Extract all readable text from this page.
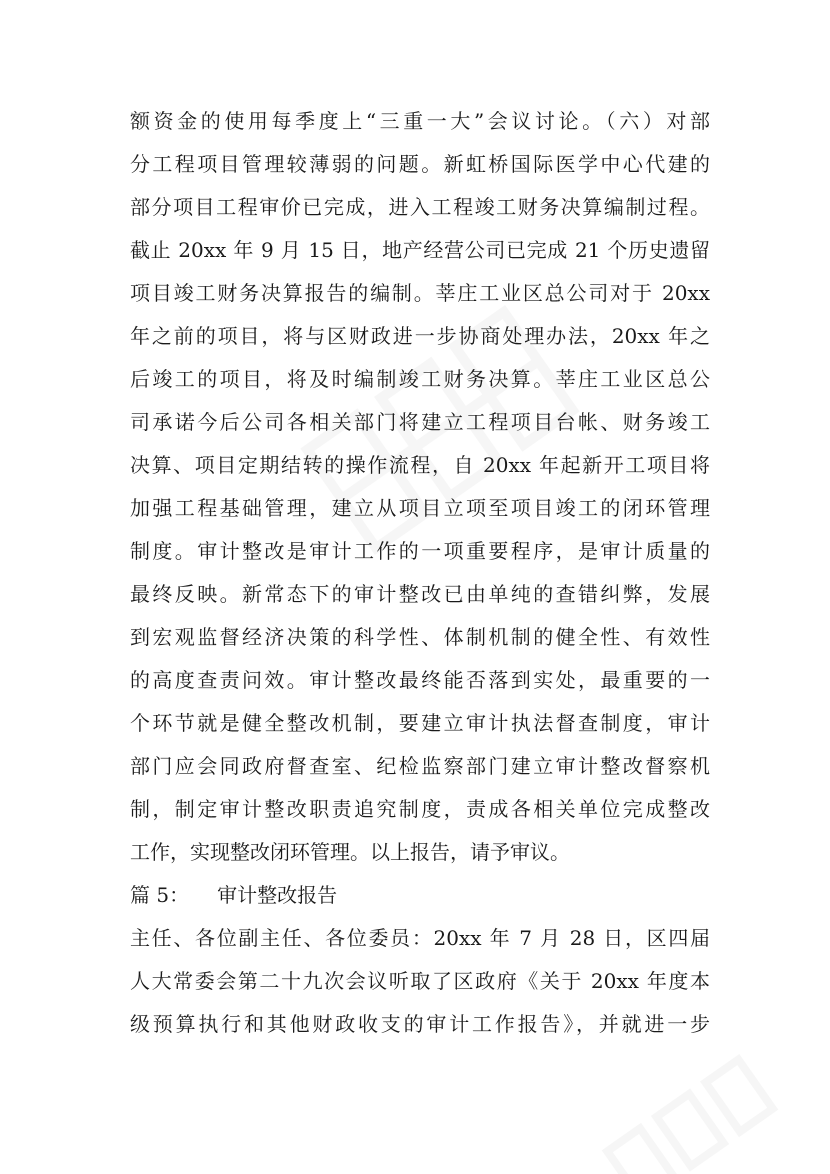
额资金的使用每季度上“三重一大”会议讨论。（六）对部
分工程项目管理较薄弱的问题。新虹桥国际医学中心代建的
部分项目工程审价已完成，进入工程竣工财务决算编制过程。
截止 20xx 年 9 月 15 日，地产经营公司已完成 21 个历史遗留
项目竣工财务决算报告的编制。莘庄工业区总公司对于 20xx
年之前的项目，将与区财政进一步协商处理办法，20xx 年之
后竣工的项目，将及时编制竣工财务决算。莘庄工业区总公
司承诺今后公司各相关部门将建立工程项目台帐、财务竣工
决算、项目定期结转的操作流程，自 20xx 年起新开工项目将
加强工程基础管理，建立从项目立项至项目竣工的闭环管理
制度。审计整改是审计工作的一项重要程序，是审计质量的
最终反映。新常态下的审计整改已由单纯的查错纠弊，发展
到宏观监督经济决策的科学性、体制机制的健全性、有效性
的高度查责问效。审计整改最终能否落到实处，最重要的一
个环节就是健全整改机制，要建立审计执法督查制度，审计
部门应会同政府督查室、纪检监察部门建立审计整改督察机
制，制定审计整改职责追究制度，责成各相关单位完成整改
工作，实现整改闭环管理。以上报告，请予审议。
篇 5： 审计整改报告
主任、各位副主任、各位委员：20xx 年 7 月 28 日，区四届
人大常委会第二十九次会议听取了区政府《关于 20xx 年度本
级预算执行和其他财政收支的审计工作报告》，并就进一步
